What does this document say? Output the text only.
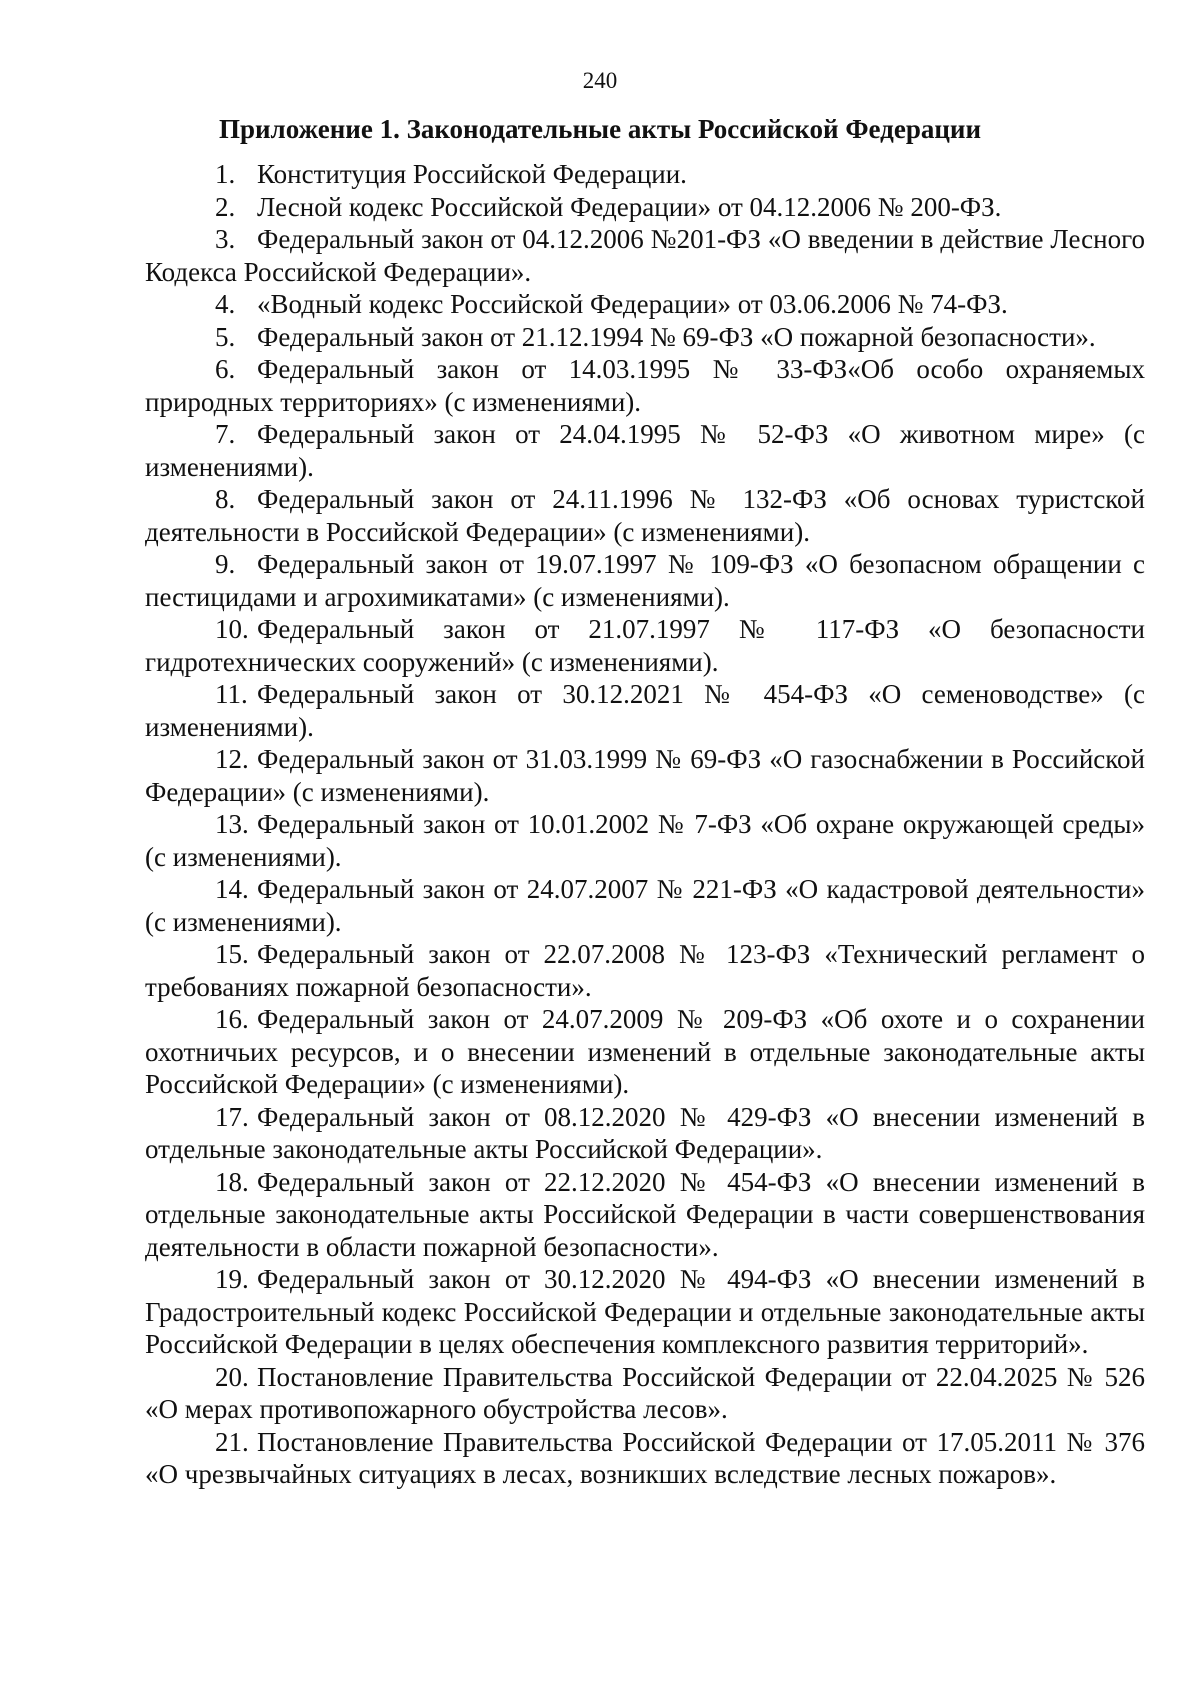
240
Приложение 1. Законодательные акты Российской Федерации
1. Конституция Российской Федерации.
2. Лесной кодекс Российской Федерации» от 04.12.2006 № 200-ФЗ.
3. Федеральный закон от 04.12.2006 №201-ФЗ «О введении в действие Лесного Кодекса Российской Федерации».
4. «Водный кодекс Российской Федерации» от 03.06.2006 № 74-ФЗ.
5. Федеральный закон от 21.12.1994 № 69-ФЗ «О пожарной безопасности».
6. Федеральный закон от 14.03.1995 № 33-ФЗ«Об особо охраняемых природных территориях» (с изменениями).
7. Федеральный закон от 24.04.1995 № 52-ФЗ «О животном мире» (с изменениями).
8. Федеральный закон от 24.11.1996 № 132-ФЗ «Об основах туристской деятельности в Российской Федерации» (с изменениями).
9. Федеральный закон от 19.07.1997 № 109-ФЗ «О безопасном обращении с пестицидами и агрохимикатами» (с изменениями).
10. Федеральный закон от 21.07.1997 № 117-ФЗ «О безопасности гидротехнических сооружений» (с изменениями).
11. Федеральный закон от 30.12.2021 № 454-ФЗ «О семеноводстве» (с изменениями).
12. Федеральный закон от 31.03.1999 № 69-ФЗ «О газоснабжении в Российской Федерации» (с изменениями).
13. Федеральный закон от 10.01.2002 № 7-ФЗ «Об охране окружающей среды» (с изменениями).
14. Федеральный закон от 24.07.2007 № 221-ФЗ «О кадастровой деятельности» (с изменениями).
15. Федеральный закон от 22.07.2008 № 123-ФЗ «Технический регламент о требованиях пожарной безопасности».
16. Федеральный закон от 24.07.2009 № 209-ФЗ «Об охоте и о сохранении охотничьих ресурсов, и о внесении изменений в отдельные законодательные акты Российской Федерации» (с изменениями).
17. Федеральный закон от 08.12.2020 № 429-ФЗ «О внесении изменений в отдельные законодательные акты Российской Федерации».
18. Федеральный закон от 22.12.2020 № 454-ФЗ «О внесении изменений в отдельные законодательные акты Российской Федерации в части совершенствования деятельности в области пожарной безопасности».
19. Федеральный закон от 30.12.2020 № 494-ФЗ «О внесении изменений в Градостроительный кодекс Российской Федерации и отдельные законодательные акты Российской Федерации в целях обеспечения комплексного развития территорий».
20. Постановление Правительства Российской Федерации от 22.04.2025 № 526 «О мерах противопожарного обустройства лесов».
21. Постановление Правительства Российской Федерации от 17.05.2011 № 376 «О чрезвычайных ситуациях в лесах, возникших вследствие лесных пожаров».
